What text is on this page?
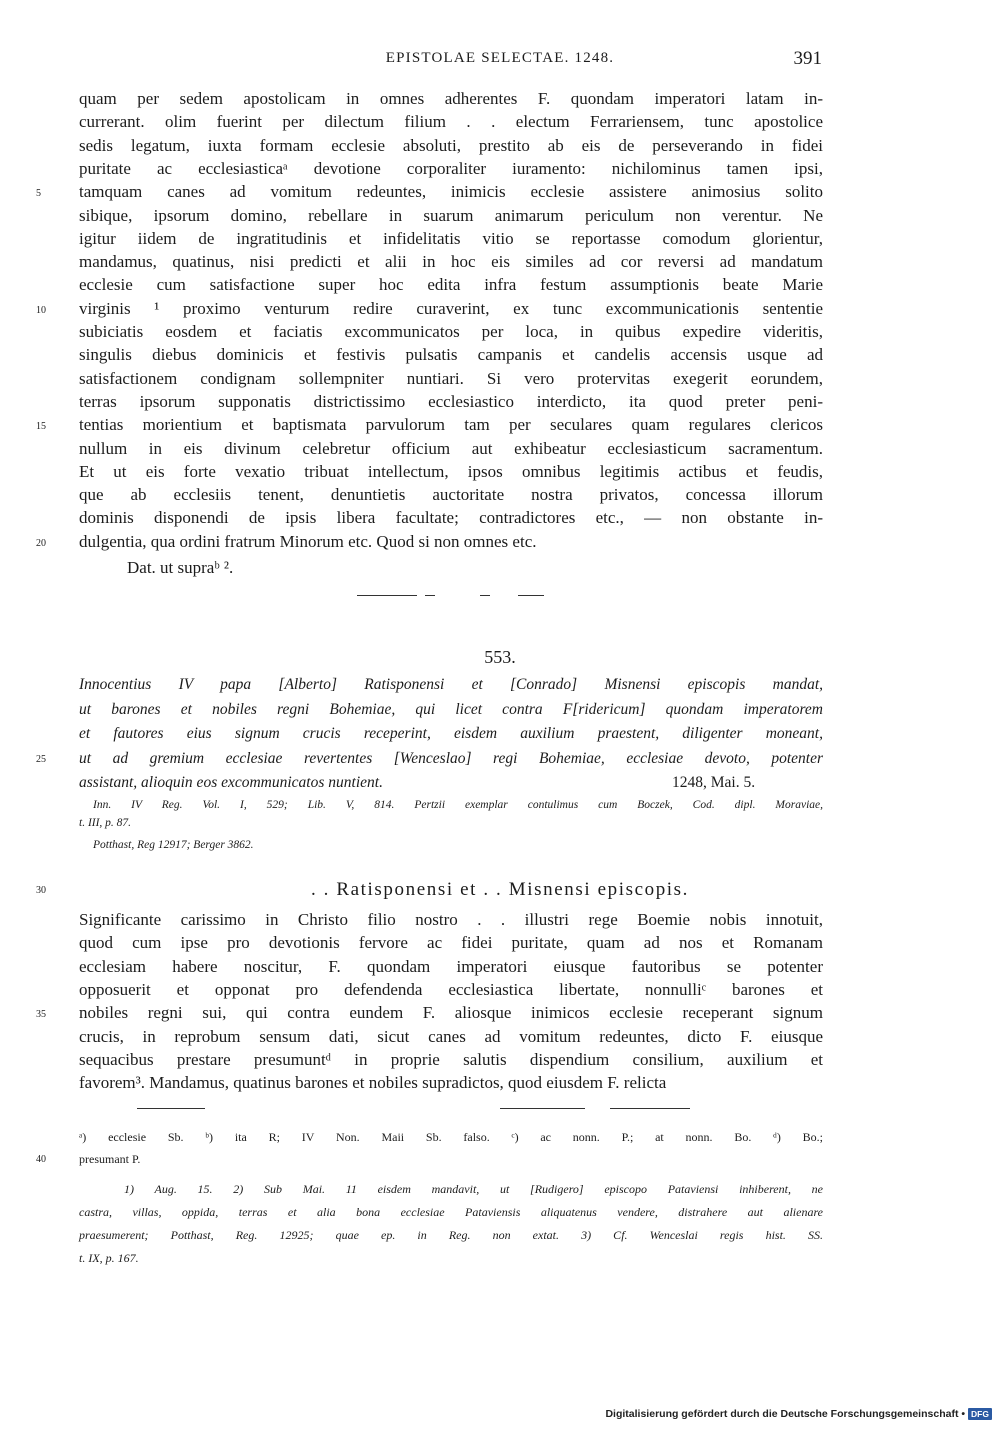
EPISTOLAE SELECTAE. 1248.	391
quam per sedem apostolicam in omnes adherentes F. quondam imperatori latam in-
currerant. olim fuerint per dilectum filium . . electum Ferrariensem, tunc apostolice
sedis legatum, iuxta formam ecclesie absoluti, prestito ab eis de perseverando in fidei
puritate ac ecclesiasticaᵃ devotione corporaliter iuramento: nichilominus tamen ipsi,
tamquam canes ad vomitum redeuntes, inimicis ecclesie assistere animosius solito
5
sibique, ipsorum domino, rebellare in suarum animarum periculum non verentur. Ne
igitur iidem de ingratitudinis et infidelitatis vitio se reportasse comodum glorientur,
mandamus, quatinus, nisi predicti et alii in hoc eis similes ad cor reversi ad mandatum
ecclesie cum satisfactione super hoc edita infra festum assumptionis beate Marie
virginis ¹ proximo venturum redire curaverint, ex tunc excommunicationis sententie
10
subiciatis eosdem et faciatis excommunicatos per loca, in quibus expedire videritis,
singulis diebus dominicis et festivis pulsatis campanis et candelis accensis usque ad
satisfactionem condignam sollempniter nuntiari. Si vero protervitas exegerit eorundem,
terras ipsorum supponatis districtissimo ecclesiastico interdicto, ita quod preter peni-
tentias morientium et baptismata parvulorum tam per seculares quam regulares clericos
15
nullum in eis divinum celebretur officium aut exhibeatur ecclesiasticum sacramentum.
Et ut eis forte vexatio tribuat intellectum, ipsos omnibus legitimis actibus et feudis,
que ab ecclesiis tenent, denuntietis auctoritate nostra privatos, concessa illorum
dominis disponendi de ipsis libera facultate; contradictores etc., — non obstante in-
dulgentia, qua ordini fratrum Minorum etc. Quod si non omnes etc.
20
Dat. ut supraᵇ ².
553.
Innocentius IV papa [Alberto] Ratisponensi et [Conrado] Misnensi episcopis mandat,
ut barones et nobiles regni Bohemiae, qui licet contra F[ridericum] quondam imperatorem
et fautores eius signum crucis receperint, eisdem auxilium praestent, diligenter moneant,
ut ad gremium ecclesiae revertentes [Wenceslao] regi Bohemiae, ecclesiae devoto, potenter
25
assistant, alioquin eos excommunicatos nuntient.	1248, Mai. 5.
Inn. IV Reg. Vol. I, 529; Lib. V, 814. Pertzii exemplar contulimus cum Boczek, Cod. dipl. Moraviae,
t. III, p. 87.
Potthast, Reg 12917; Berger 3862.
30	. . Ratisponensi et . . Misnensi episcopis.
Significante carissimo in Christo filio nostro . . illustri rege Boemie nobis innotuit,
quod cum ipse pro devotionis fervore ac fidei puritate, quam ad nos et Romanam
ecclesiam habere noscitur, F. quondam imperatori eiusque fautoribus se potenter
opposuerit et opponat pro defendenda ecclesiastica libertate, nonnulliᶜ barones et
nobiles regni sui, qui contra eundem F. aliosque inimicos ecclesie receperant signum
35
crucis, in reprobum sensum dati, sicut canes ad vomitum redeuntes, dicto F. eiusque
sequacibus prestare presumuntᵈ in proprie salutis dispendium consilium, auxilium et
favorem³. Mandamus, quatinus barones et nobiles supradictos, quod eiusdem F. relicta
ᵃ) ecclesie Sb. ᵇ) ita R; IV Non. Maii Sb. falso. ᶜ) ac nonn. P.; at nonn. Bo. ᵈ) Bo.;
presumant P.
40
1) Aug. 15. 2) Sub Mai. 11 eisdem mandavit, ut [Rudigero] episcopo Pataviensi inhiberent, ne
castra, villas, oppida, terras et alia bona ecclesiae Pataviensis aliquatenus vendere, distrahere aut alienare
praesumerent; Potthast, Reg. 12925; quae ep. in Reg. non extat. 3) Cf. Wenceslai regis hist. SS.
t. IX, p. 167.
Digitalisierung gefördert durch die Deutsche Forschungsgemeinschaft • DFG
